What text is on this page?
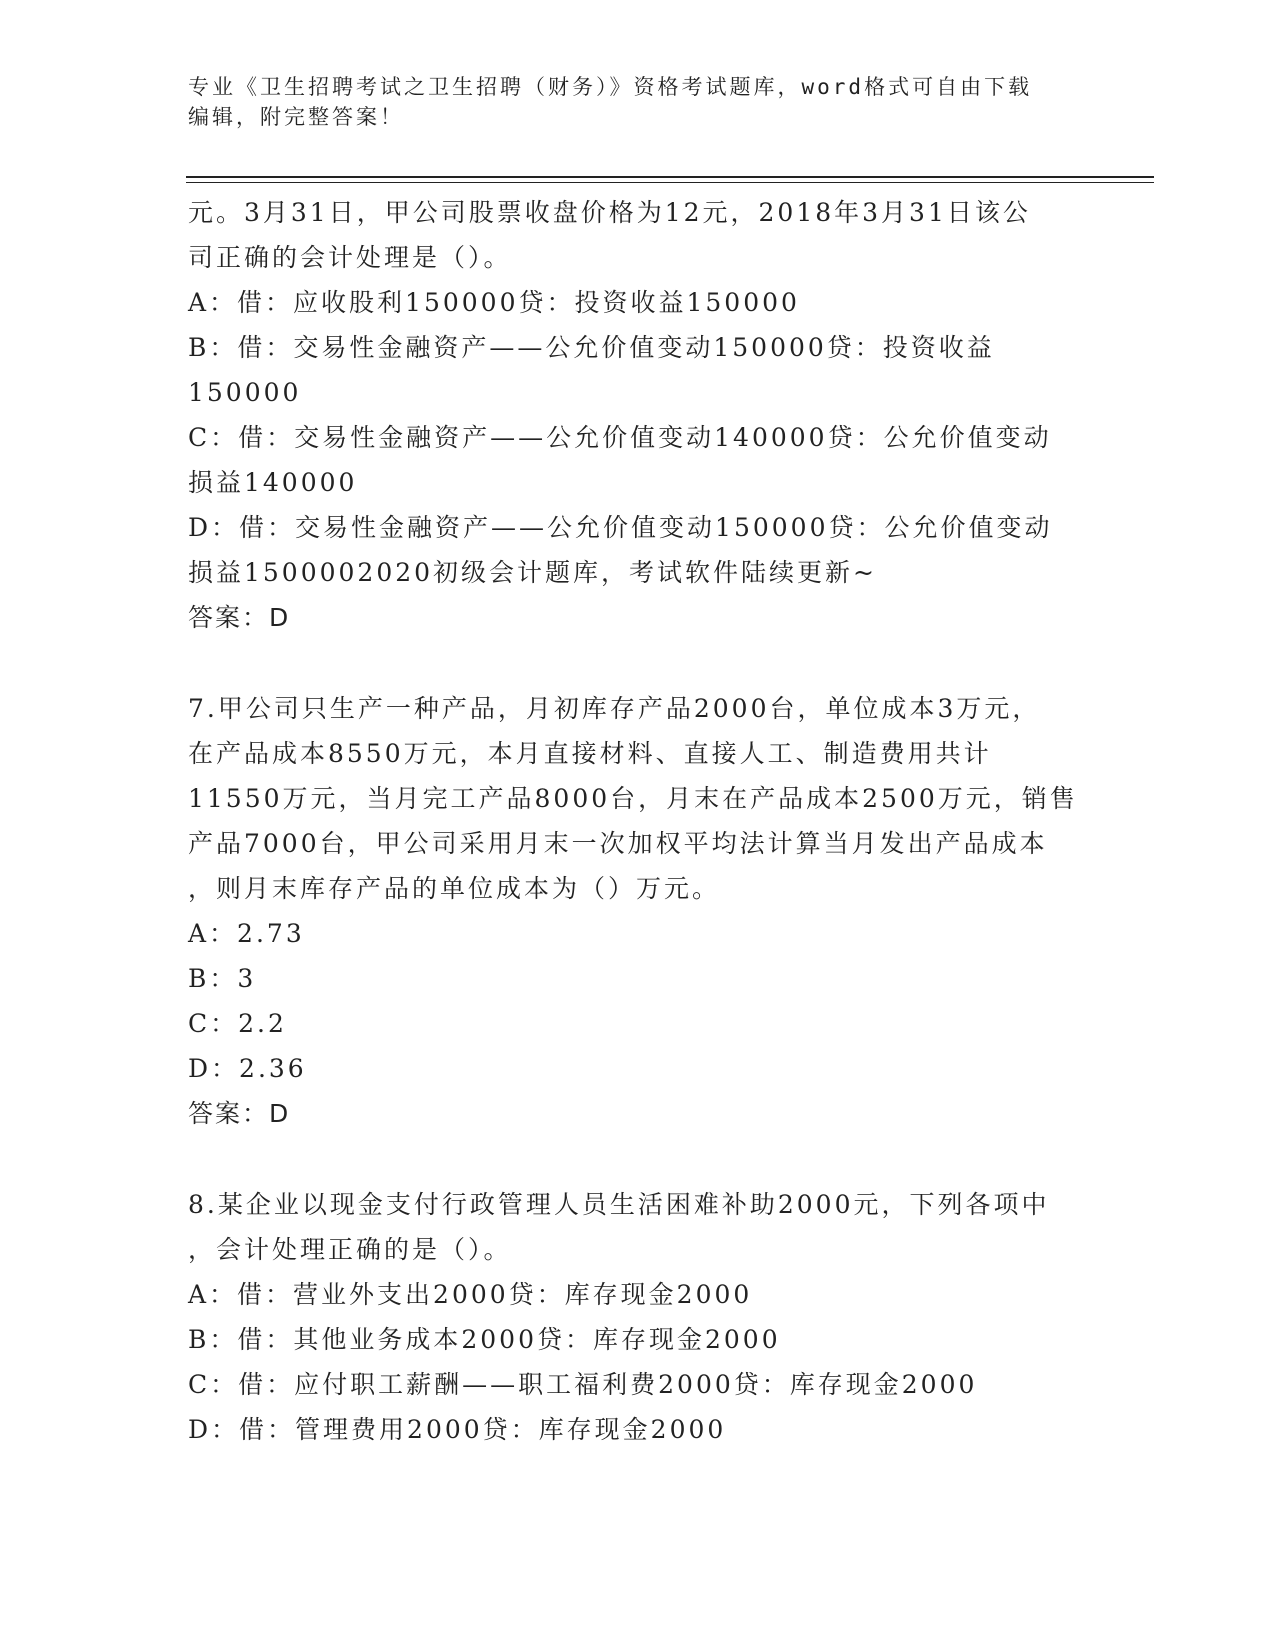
专业《卫生招聘考试之卫生招聘（财务）》资格考试题库，word格式可自由下载
编辑，附完整答案！
元。3月31日，甲公司股票收盘价格为12元，2018年3月31日该公
司正确的会计处理是（）。
A：借：应收股利150000贷：投资收益150000
B：借：交易性金融资产——公允价值变动150000贷：投资收益
150000
C：借：交易性金融资产——公允价值变动140000贷：公允价值变动
损益140000
D：借：交易性金融资产——公允价值变动150000贷：公允价值变动
损益1500002020初级会计题库，考试软件陆续更新~
答案：D
7.甲公司只生产一种产品，月初库存产品2000台，单位成本3万元，
在产品成本8550万元，本月直接材料、直接人工、制造费用共计
11550万元，当月完工产品8000台，月末在产品成本2500万元，销售
产品7000台，甲公司采用月末一次加权平均法计算当月发出产品成本
，则月末库存产品的单位成本为（）万元。
A：2.73
B：3
C：2.2
D：2.36
答案：D
8.某企业以现金支付行政管理人员生活困难补助2000元，下列各项中
，会计处理正确的是（）。
A：借：营业外支出2000贷：库存现金2000
B：借：其他业务成本2000贷：库存现金2000
C：借：应付职工薪酬——职工福利费2000贷：库存现金2000
D：借：管理费用2000贷：库存现金2000
